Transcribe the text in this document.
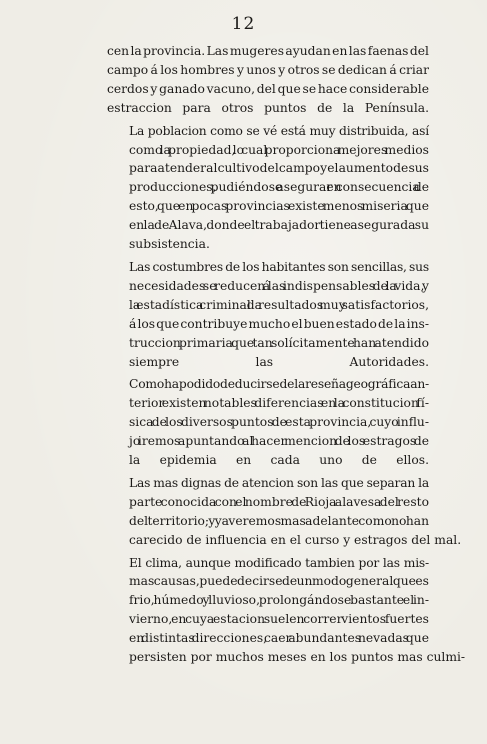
12
cen la provincia. Las mugeres ayudan en las faenas del
campo á los hombres y unos y otros se dedican á criar
cerdos y ganado vacuno, del que se hace considerable
estraccion para otros puntos de la Península.
La poblacion como se vé está muy distribuida, así
como la propiedad, lo cual proporciona mejores medios
para atender al cultivo del campo y el aumento de sus
producciones, pudiéndose asegurar en consecuencia de
esto, que en pocas provincias existe menos miseria que
en la de Alava, donde el trabajador tiene asegurada su
subsistencia.
Las costumbres de los habitantes son sencillas, sus
necesidades se reducen á las indispensables de la vida, y
la estadística criminal da resultados muy satisfactorios,
á los que contribuye mucho el buen estado de la ins-
truccion primaria que tan solícitamente han atendido
siempre las Autoridades.
Como ha podido deducirse de la reseña geográfica an-
terior existen notables diferencias en la constitucion fí-
sica de los diversos puntos de esta provincia, cuyo influ-
jo iremos apuntando al hacer mencion de los estragos de
la epidemia en cada uno de ellos.
Las mas dignas de atencion son las que separan la
parte conocida con el nombre de Rioja alavesa del resto
del territorio; y ya veremos mas adelante como no han
carecido de influencia en el curso y estragos del mal.
El clima, aunque modificado tambien por las mis-
mas causas, puede decirse de un modo general que es
frio, húmedo y lluvioso, prolongándose bastante el in-
vierno, en cuya estacion suelen correr vientos fuertes
en distintas direcciones, caer abundantes nevadas que
persisten por muchos meses en los puntos mas culmi-
